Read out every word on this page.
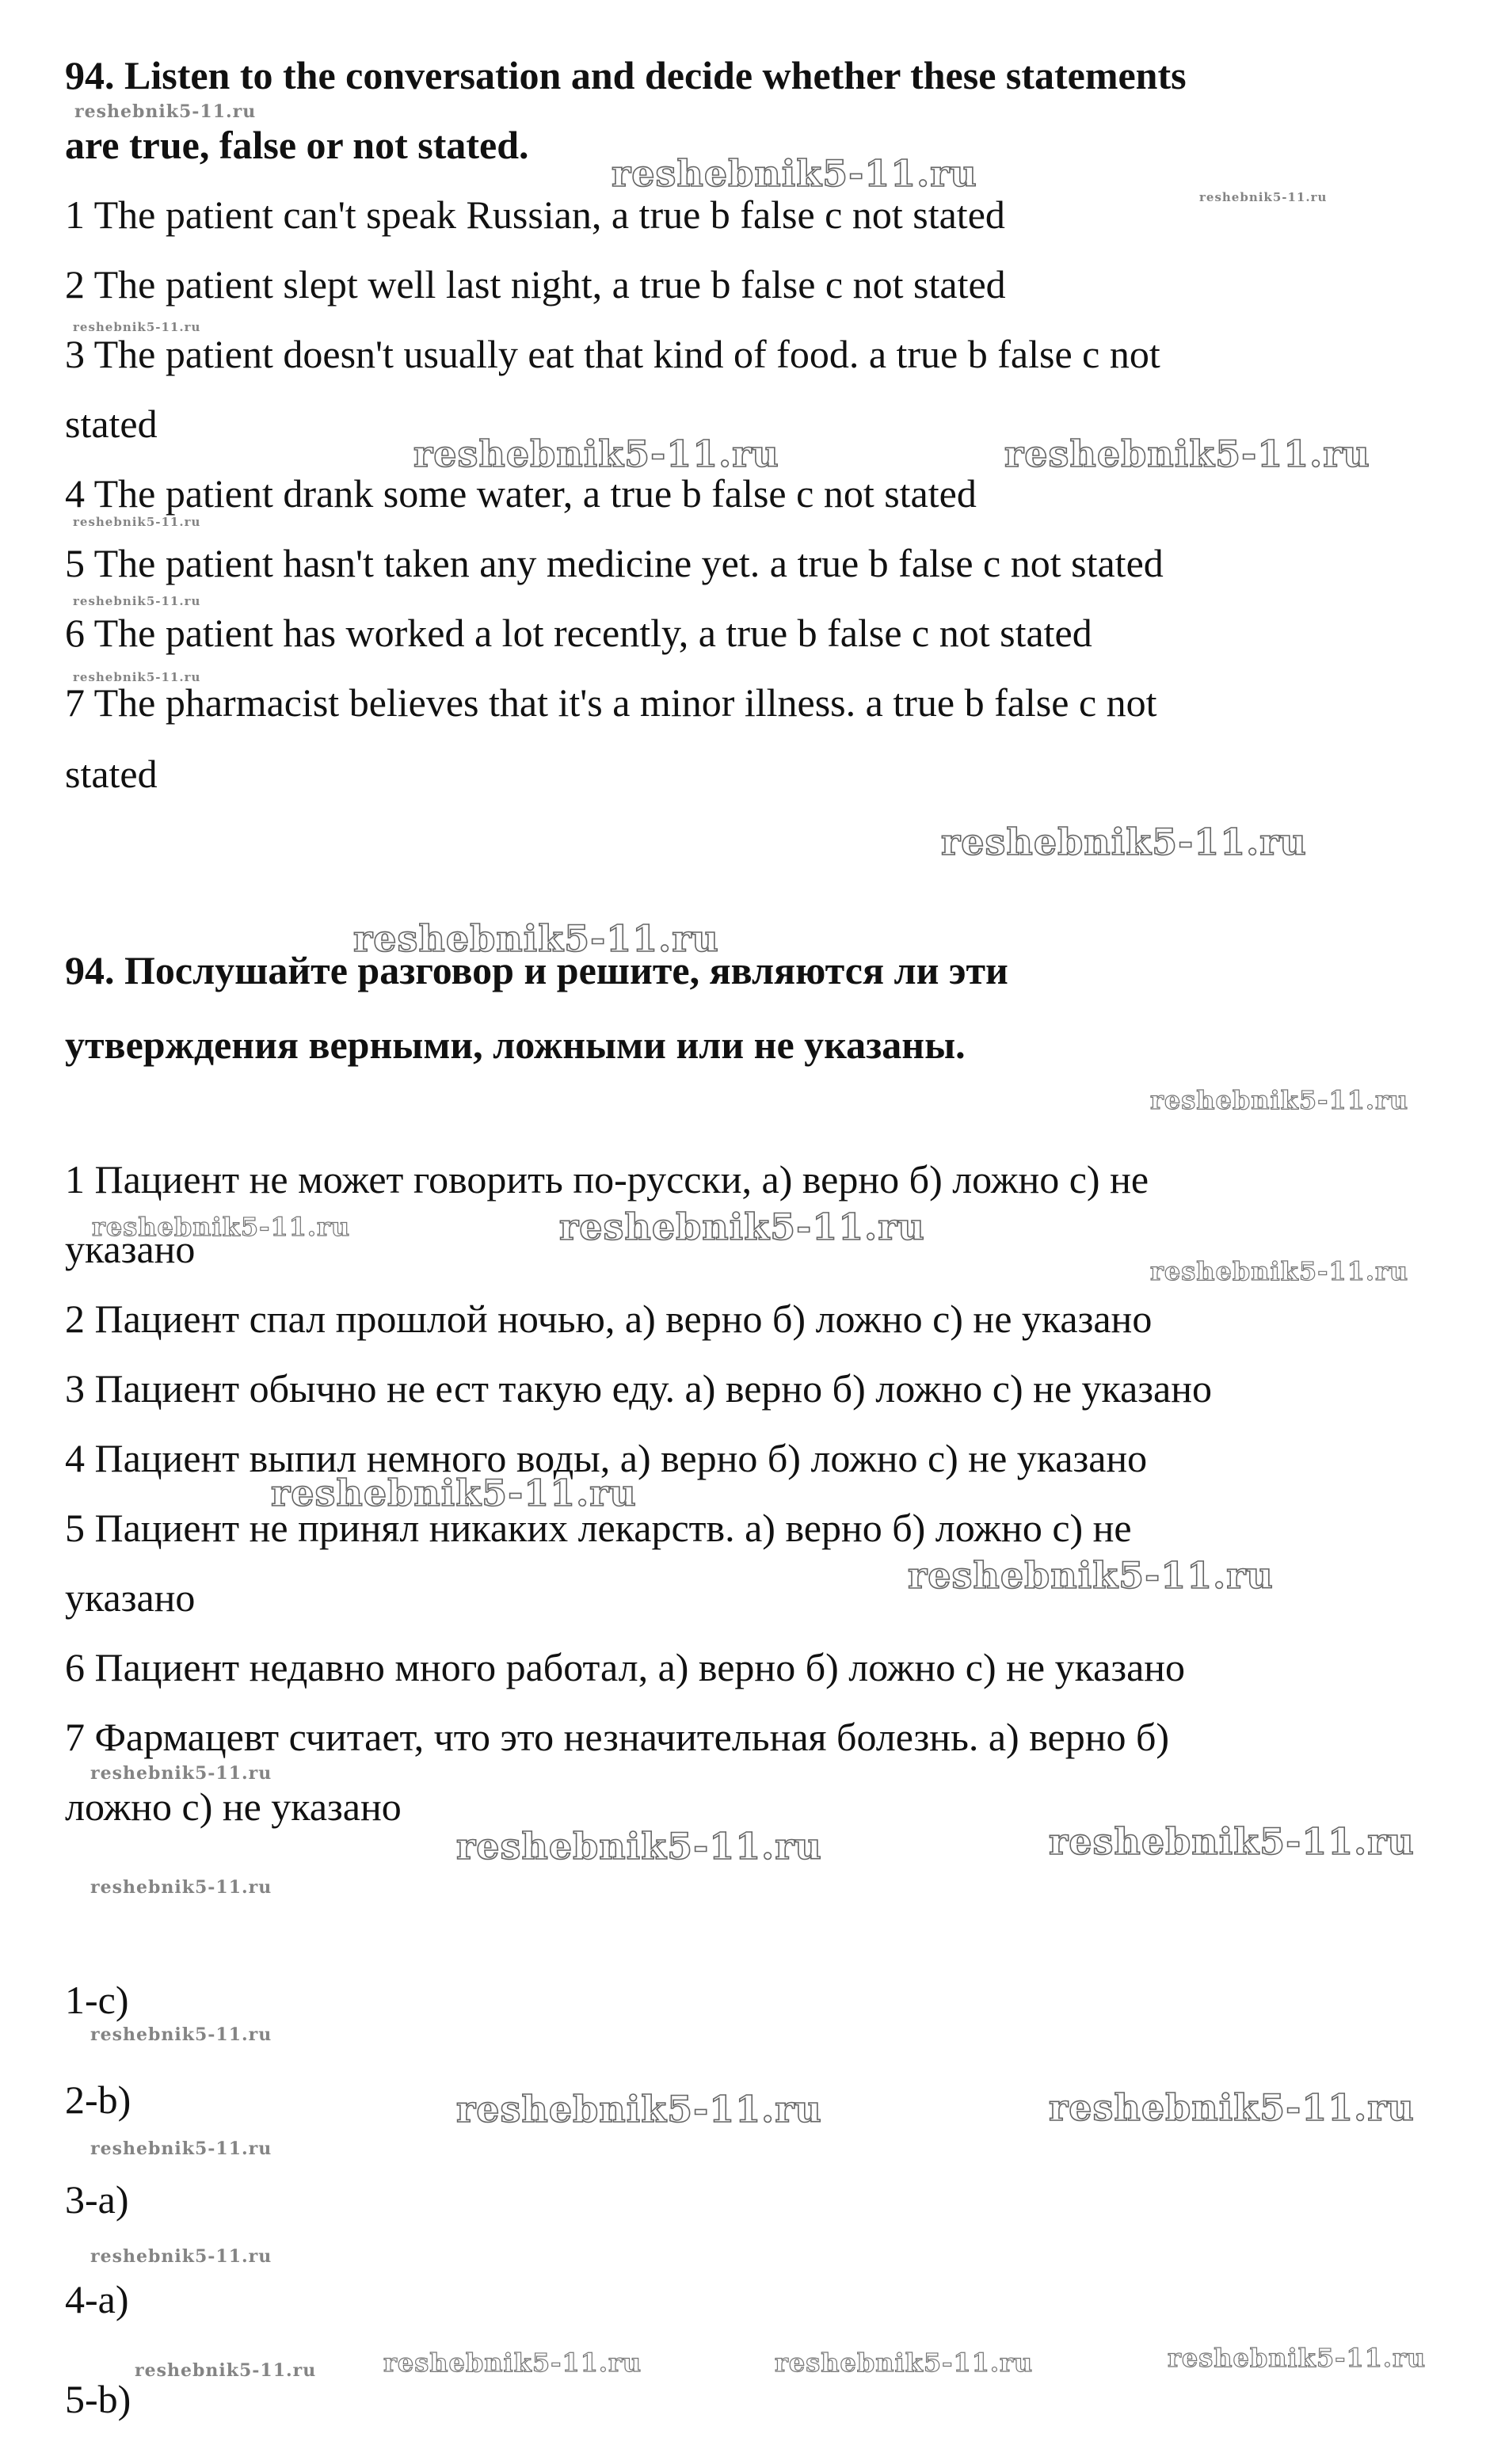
94. Listen to the conversation and decide whether these statements
are true, false or not stated.
1 The patient can't speak Russian, a true b false c not stated
2 The patient slept well last night, a true b false c not stated
3 The patient doesn't usually eat that kind of food. a true b false c not
stated
4 The patient drank some water, a true b false c not stated
5 The patient hasn't taken any medicine yet. a true b false c not stated
6 The patient has worked a lot recently, a true b false c not stated
7 The pharmacist believes that it's a minor illness. a true b false c not
stated
94. Послушайте разговор и решите, являются ли эти
утверждения верными, ложными или не указаны.
1 Пациент не может говорить по-русски, а) верно б) ложно с) не
указано
2 Пациент спал прошлой ночью, а) верно б) ложно с) не указано
3 Пациент обычно не ест такую еду. а) верно б) ложно с) не указано
4 Пациент выпил немного воды, а) верно б) ложно с) не указано
5 Пациент не принял никаких лекарств. а) верно б) ложно с) не
указано
6 Пациент недавно много работал, а) верно б) ложно с) не указано
7 Фармацевт считает, что это незначительная болезнь. а) верно б)
ложно с) не указано
1-c)
2-b)
3-a)
4-a)
5-b)
reshebnik5-11.ru
reshebnik5-11.ru
reshebnik5-11.ru
reshebnik5-11.ru
reshebnik5-11.ru	reshebnik5-11.ru
reshebnik5-11.ru
reshebnik5-11.ru
reshebnik5-11.ru
reshebnik5-11.ru
reshebnik5-11.ru
reshebnik5-11.ru
reshebnik5-11.ru	reshebnik5-11.ru
reshebnik5-11.ru
reshebnik5-11.ru
reshebnik5-11.ru
reshebnik5-11.ru
reshebnik5-11.ru	reshebnik5-11.ru
reshebnik5-11.ru
reshebnik5-11.ru
reshebnik5-11.ru	reshebnik5-11.ru
reshebnik5-11.ru
reshebnik5-11.ru
reshebnik5-11.ru	reshebnik5-11.ru	reshebnik5-11.ru	reshebnik5-11.ru
